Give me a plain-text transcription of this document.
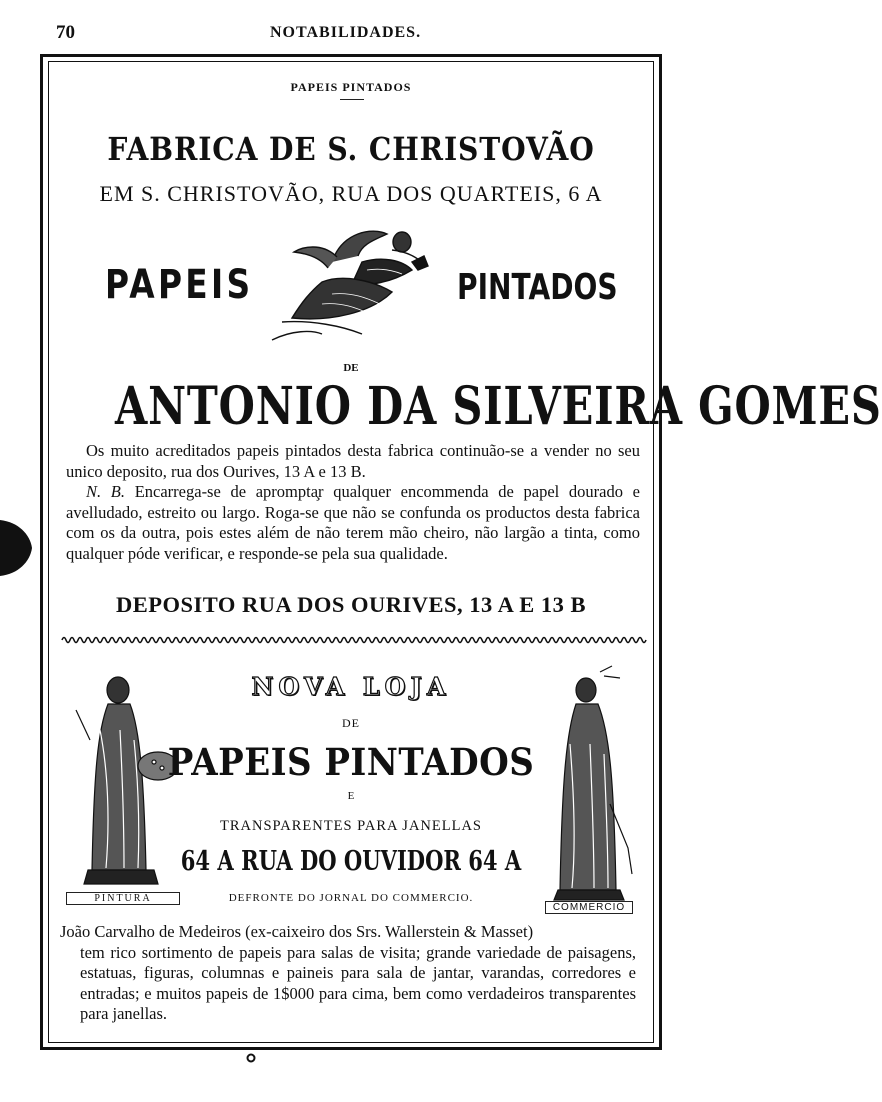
70	NOTABILIDADES.
PAPEIS PINTADOS
FABRICA DE S. CHRISTOVÃO
EM S. CHRISTOVÃO, RUA DOS QUARTEIS, 6 A
PAPEIS	PINTADOS
DE
ANTONIO DA SILVEIRA GOMES
Os muito acreditados papeis pintados desta fabrica continuão-se a vender no seu unico deposito, rua dos Ourives, 13 A e 13 B.
N. B. Encarrega-se de aprompta̧r qualquer encommenda de papel dourado e avelludado, estreito ou largo. Roga-se que não se confunda os productos desta fabrica com os da outra, pois estes além de não terem mão cheiro, não largão a tinta, como qualquer póde verificar, e responde-se pela sua qualidade.
DEPOSITO RUA DOS OURIVES, 13 A E 13 B
PINTURA
NOVA LOJA
DE
PAPEIS PINTADOS
E
TRANSPARENTES PARA JANELLAS
64 A RUA DO OUVIDOR 64 A
DEFRONTE DO JORNAL DO COMMERCIO.
COMMERCIO
João Carvalho de Medeiros (ex-caixeiro dos Srs. Wallerstein & Masset)
tem rico sortimento de papeis para salas de visita; grande variedade de paisagens, estatuas, figuras, columnas e paineis para sala de jantar, varandas, corredores e entradas; e muitos papeis de 1$000 para cima, bem como verdadeiros transparentes para janellas.
